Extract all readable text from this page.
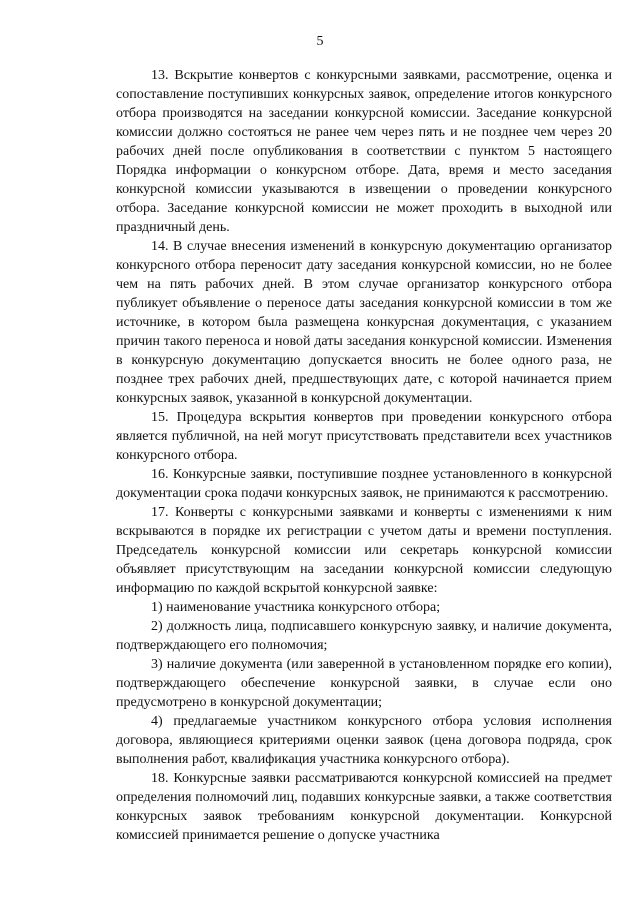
5

13. Вскрытие конвертов с конкурсными заявками, рассмотрение, оценка и сопоставление поступивших конкурсных заявок, определение итогов конкурсного отбора производятся на заседании конкурсной комиссии. Заседание конкурсной комиссии должно состояться не ранее чем через пять и не позднее чем через 20 рабочих дней после опубликования в соответствии с пунктом 5 настоящего Порядка информации о конкурсном отборе. Дата, время и место заседания конкурсной комиссии указываются в извещении о проведении конкурсного отбора. Заседание конкурсной комиссии не может проходить в выходной или праздничный день.

14. В случае внесения изменений в конкурсную документацию организатор конкурсного отбора переносит дату заседания конкурсной комиссии, но не более чем на пять рабочих дней. В этом случае организатор конкурсного отбора публикует объявление о переносе даты заседания конкурсной комиссии в том же источнике, в котором была размещена конкурсная документация, с указанием причин такого переноса и новой даты заседания конкурсной комиссии. Изменения в конкурсную документацию допускается вносить не более одного раза, не позднее трех рабочих дней, предшествующих дате, с которой начинается прием конкурсных заявок, указанной в конкурсной документации.

15. Процедура вскрытия конвертов при проведении конкурсного отбора является публичной, на ней могут присутствовать представители всех участников конкурсного отбора.

16. Конкурсные заявки, поступившие позднее установленного в конкурсной документации срока подачи конкурсных заявок, не принимаются к рассмотрению.

17. Конверты с конкурсными заявками и конверты с изменениями к ним вскрываются в порядке их регистрации с учетом даты и времени поступления. Председатель конкурсной комиссии или секретарь конкурсной комиссии объявляет присутствующим на заседании конкурсной комиссии следующую информацию по каждой вскрытой конкурсной заявке:

1) наименование участника конкурсного отбора;

2) должность лица, подписавшего конкурсную заявку, и наличие документа, подтверждающего его полномочия;

3) наличие документа (или заверенной в установленном порядке его копии), подтверждающего обеспечение конкурсной заявки, в случае если оно предусмотрено в конкурсной документации;

4) предлагаемые участником конкурсного отбора условия исполнения договора, являющиеся критериями оценки заявок (цена договора подряда, срок выполнения работ, квалификация участника конкурсного отбора).

18. Конкурсные заявки рассматриваются конкурсной комиссией на предмет определения полномочий лиц, подавших конкурсные заявки, а также соответствия конкурсных заявок требованиям конкурсной документации. Конкурсной комиссией принимается решение о допуске участника
